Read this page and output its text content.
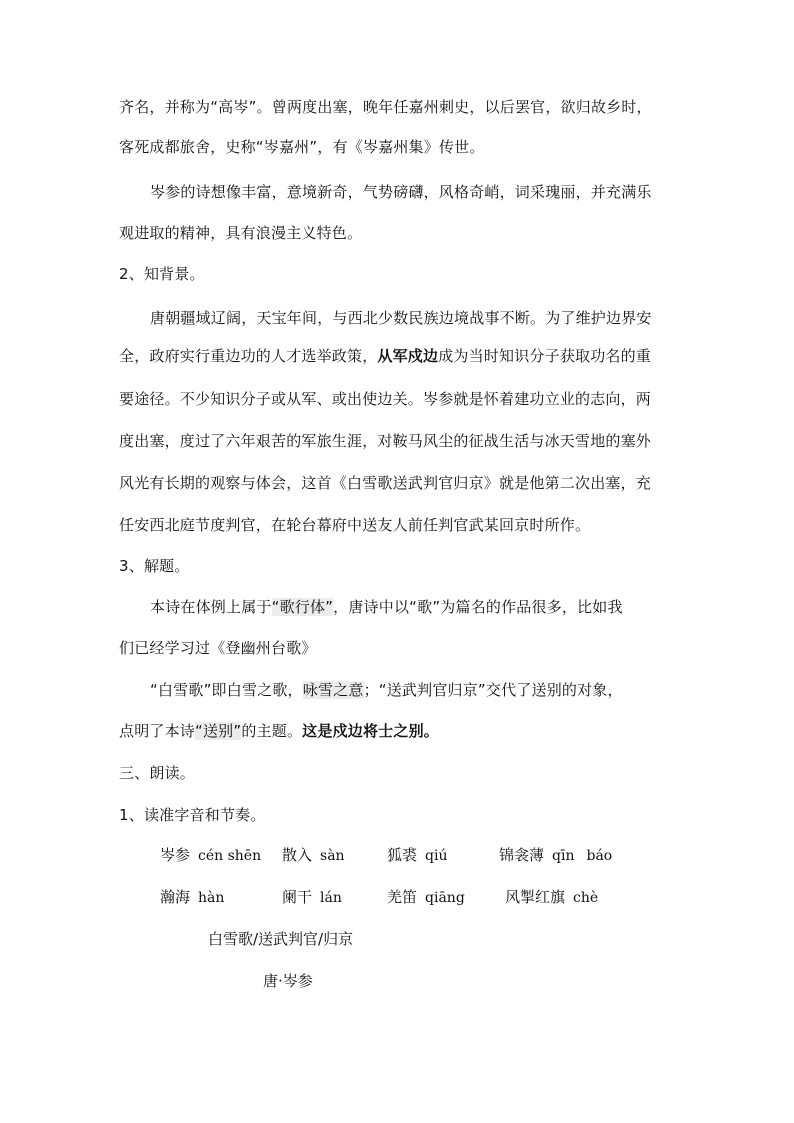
齐名，并称为“高岑”。曾两度出塞，晚年任嘉州刺史，以后罢官，欲归故乡时，
客死成都旅舍，史称“岑嘉州”，有《岑嘉州集》传世。
岑参的诗想像丰富，意境新奇，气势磅礴，风格奇峭，词采瑰丽，并充满乐
观进取的精神，具有浪漫主义特色。
2、知背景。
唐朝疆域辽阔，天宝年间，与西北少数民族边境战事不断。为了维护边界安
全，政府实行重边功的人才选举政策，从军戍边成为当时知识分子获取功名的重
要途径。不少知识分子或从军、或出使边关。岑参就是怀着建功立业的志向，两
度出塞，度过了六年艰苦的军旅生涯，对鞍马风尘的征战生活与冰天雪地的塞外
风光有长期的观察与体会，这首《白雪歌送武判官归京》就是他第二次出塞，充
任安西北庭节度判官，在轮台幕府中送友人前任判官武某回京时所作。
3、解题。
本诗在体例上属于“歌行体”，唐诗中以“歌”为篇名的作品很多，比如我
们已经学习过《登幽州台歌》
“白雪歌”即白雪之歌，咏雪之意；“送武判官归京”交代了送别的对象，
点明了本诗“送别”的主题。这是戍边将士之别。
三、朗读。
1、读准字音和节奏。
岑参 cén shēn 散入 sàn	狐裘 qiú	锦衾薄 qīn báo
瀚海 hàn	阑干 lán	羌笛 qiāng	风掣红旗 chè
白雪歌/送武判官/归京
唐·岑参
